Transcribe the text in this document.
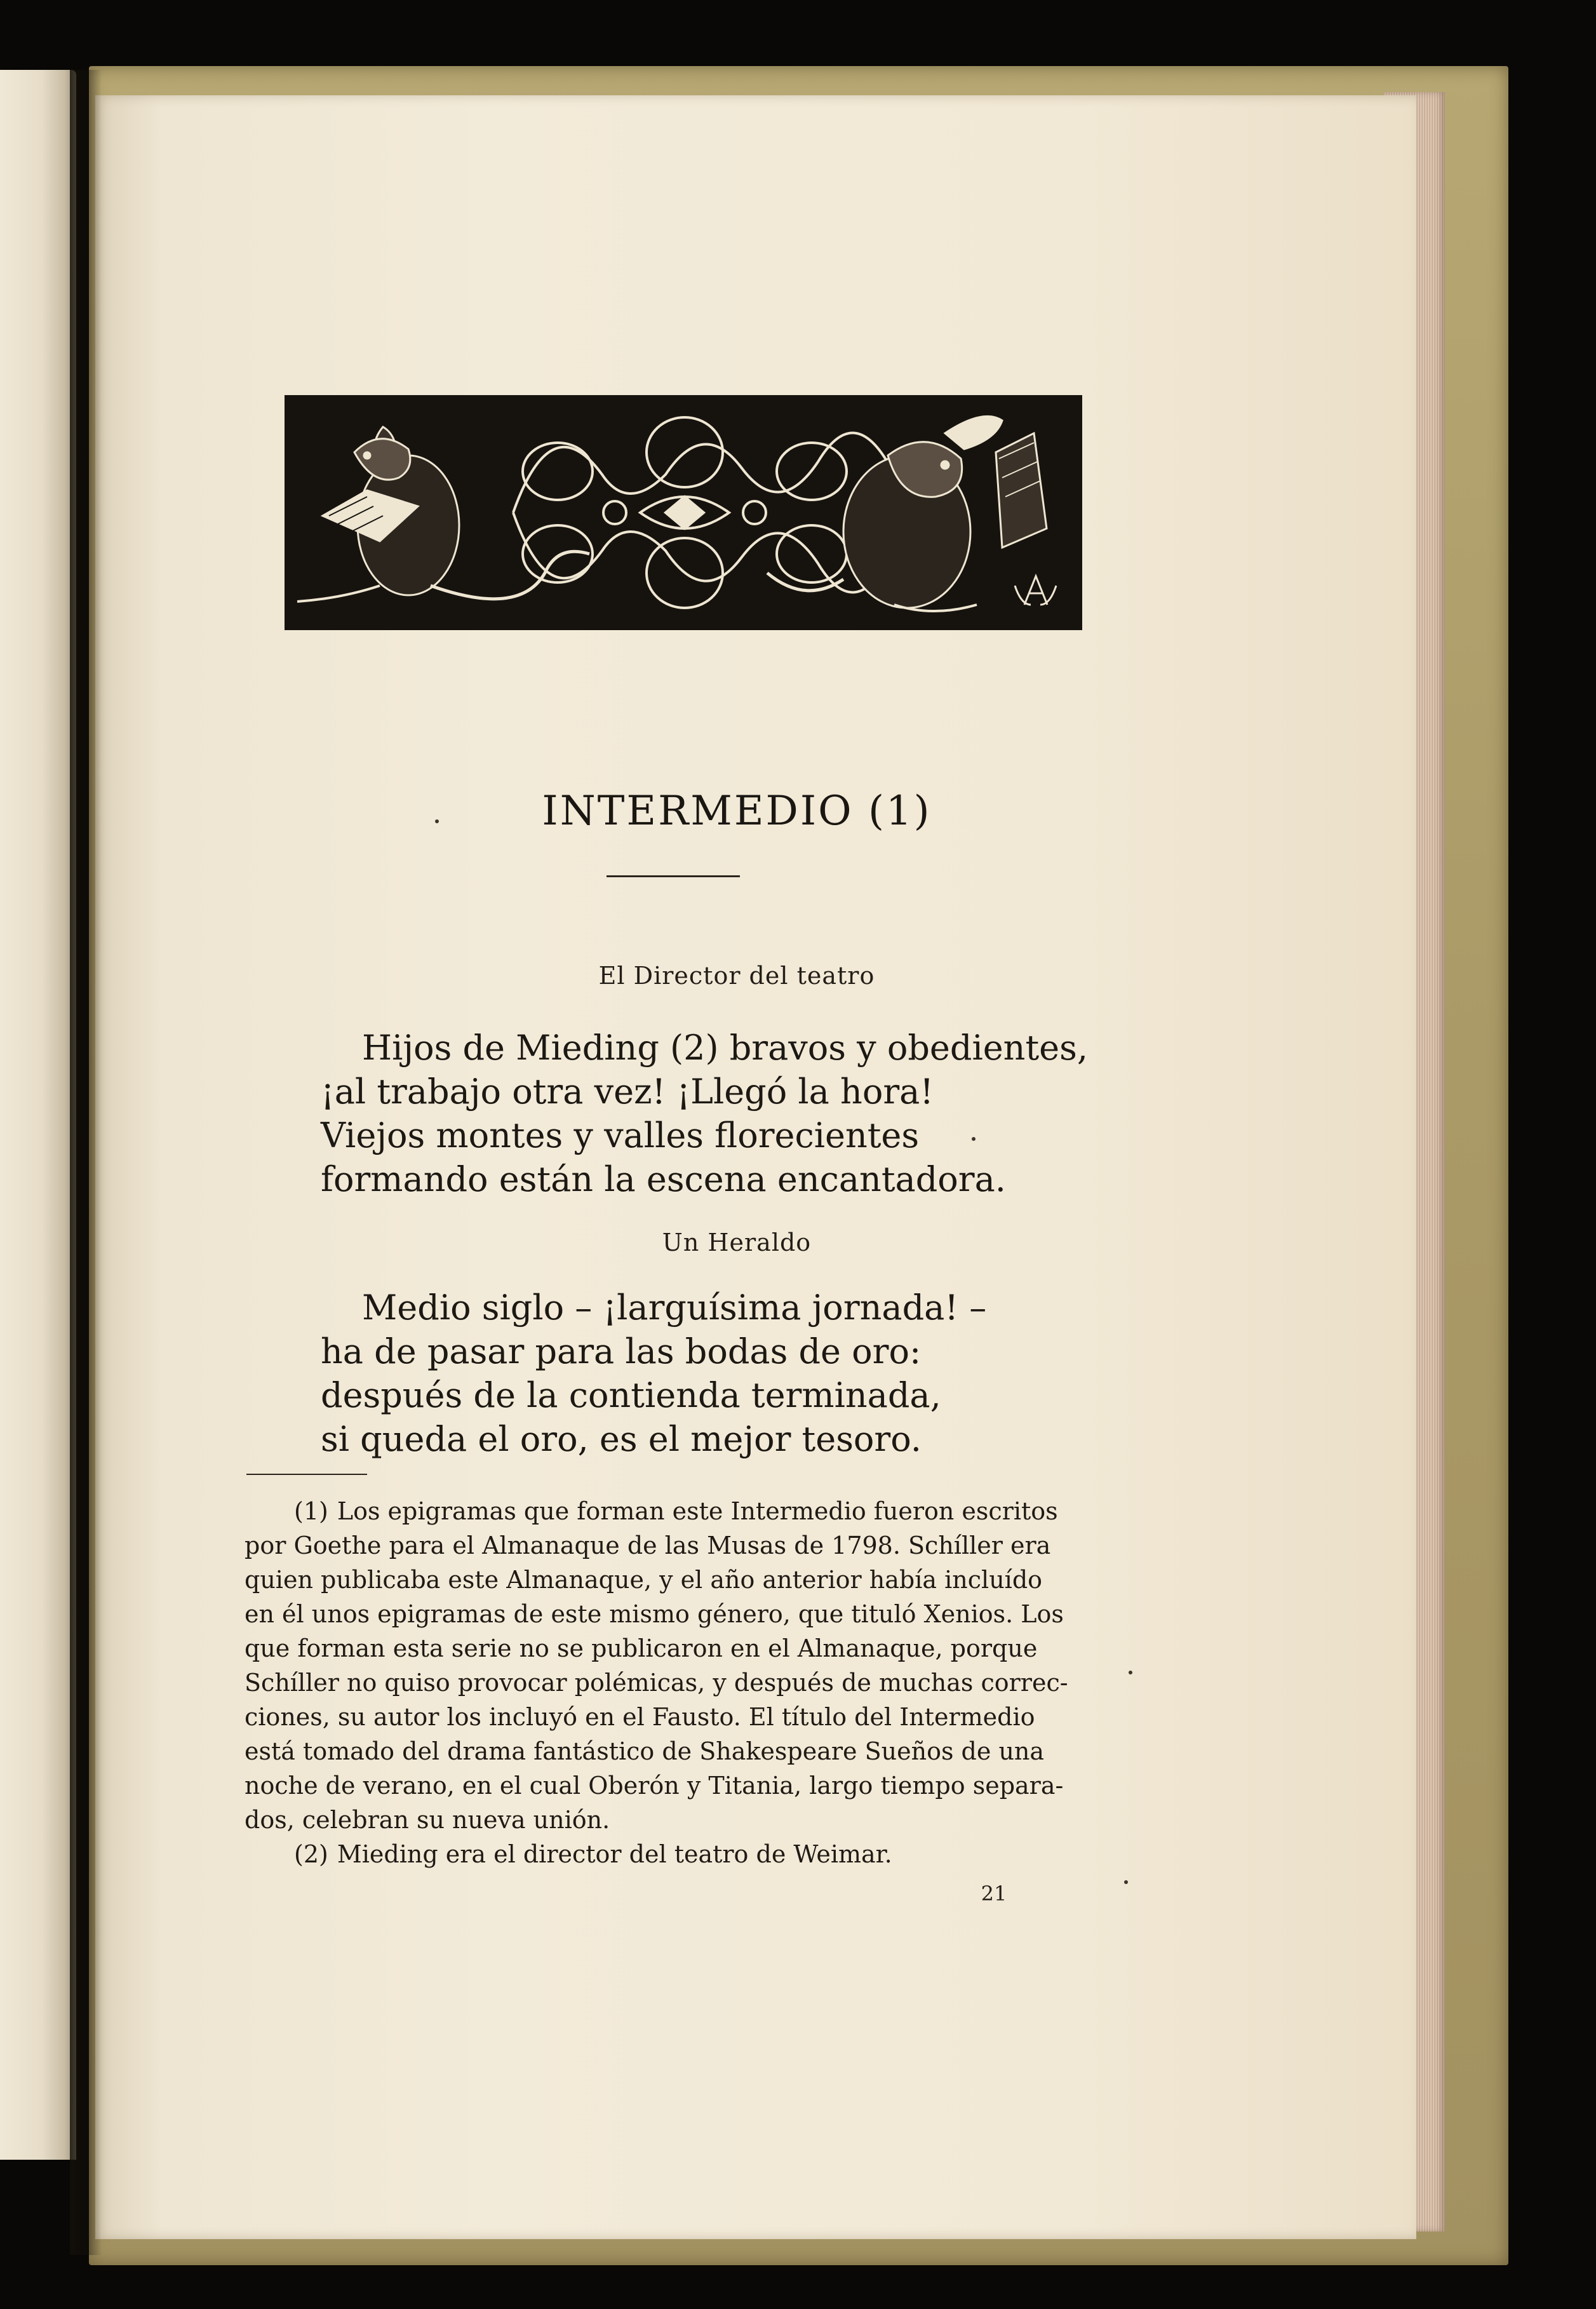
INTERMEDIO (1)
El Director del teatro
Hijos de Mieding (2) bravos y obedientes,
¡al trabajo otra vez! ¡Llegó la hora!
Viejos montes y valles florecientes
formando están la escena encantadora.
Un Heraldo
Medio siglo – ¡larguísima jornada! –
ha de pasar para las bodas de oro:
después de la contienda terminada,
si queda el oro, es el mejor tesoro.
(1) Los epigramas que forman este Intermedio fueron escritos
por Goethe para el Almanaque de las Musas de 1798. Schíller era
quien publicaba este Almanaque, y el año anterior había incluído
en él unos epigramas de este mismo género, que tituló Xenios. Los
que forman esta serie no se publicaron en el Almanaque, porque
Schíller no quiso provocar polémicas, y después de muchas correc-
ciones, su autor los incluyó en el Fausto. El título del Intermedio
está tomado del drama fantástico de Shakespeare Sueños de una
noche de verano, en el cual Oberón y Titania, largo tiempo separa-
dos, celebran su nueva unión.
(2) Mieding era el director del teatro de Weimar.
21
